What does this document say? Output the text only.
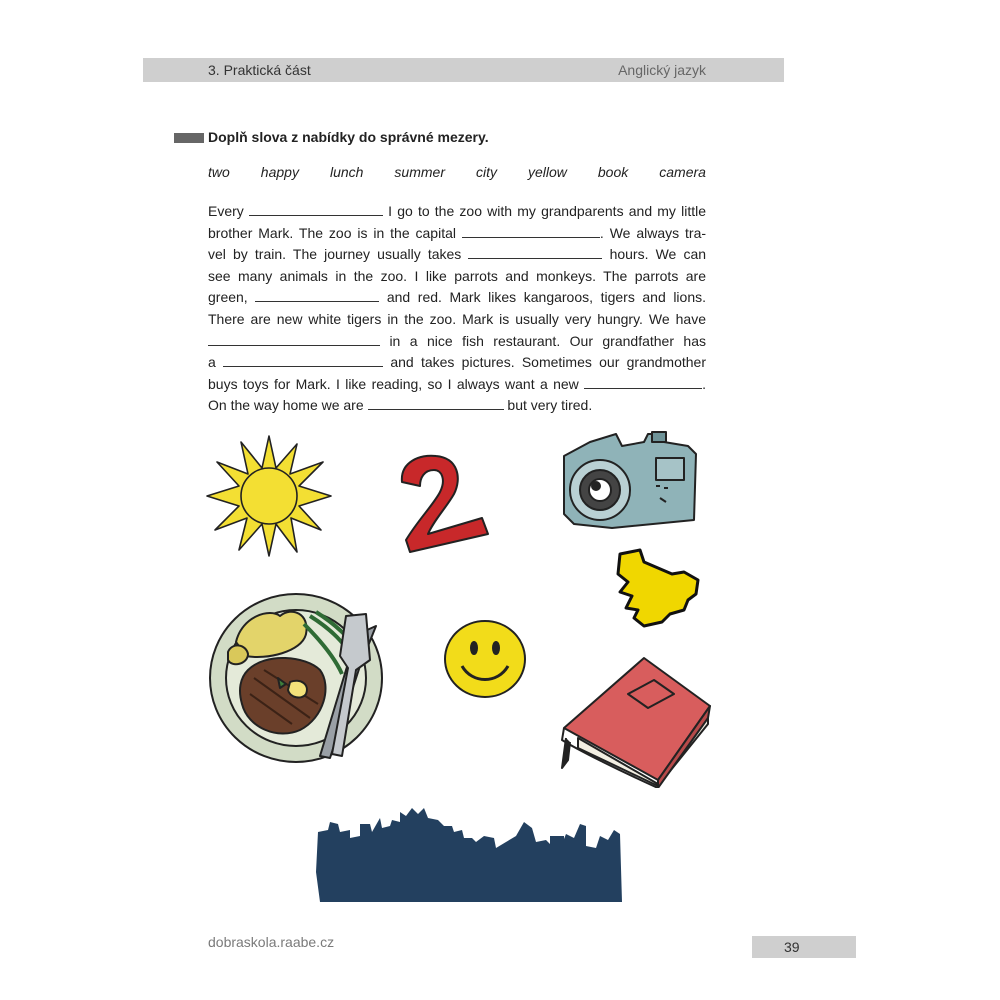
3. Praktická část	Anglický jazyk
Doplň slova z nabídky do správné mezery.
two happy lunch summer city yellow book camera
Every	I go to the zoo with my grandparents and my little
brother Mark. The zoo is in the capital	. We always tra-
vel by train. The journey usually takes	hours. We can
see many animals in the zoo. I like parrots and monkeys. The parrots are
green,	and red. Mark likes kangaroos, tigers and lions.
There are new white tigers in the zoo. Mark is usually very hungry. We have
in a nice fish restaurant. Our grandfather has
a	and takes pictures. Sometimes our grandmother
buys toys for Mark. I like reading, so I always want a new	.
On the way home we are	but very tired.
dobraskola.raabe.cz	39
